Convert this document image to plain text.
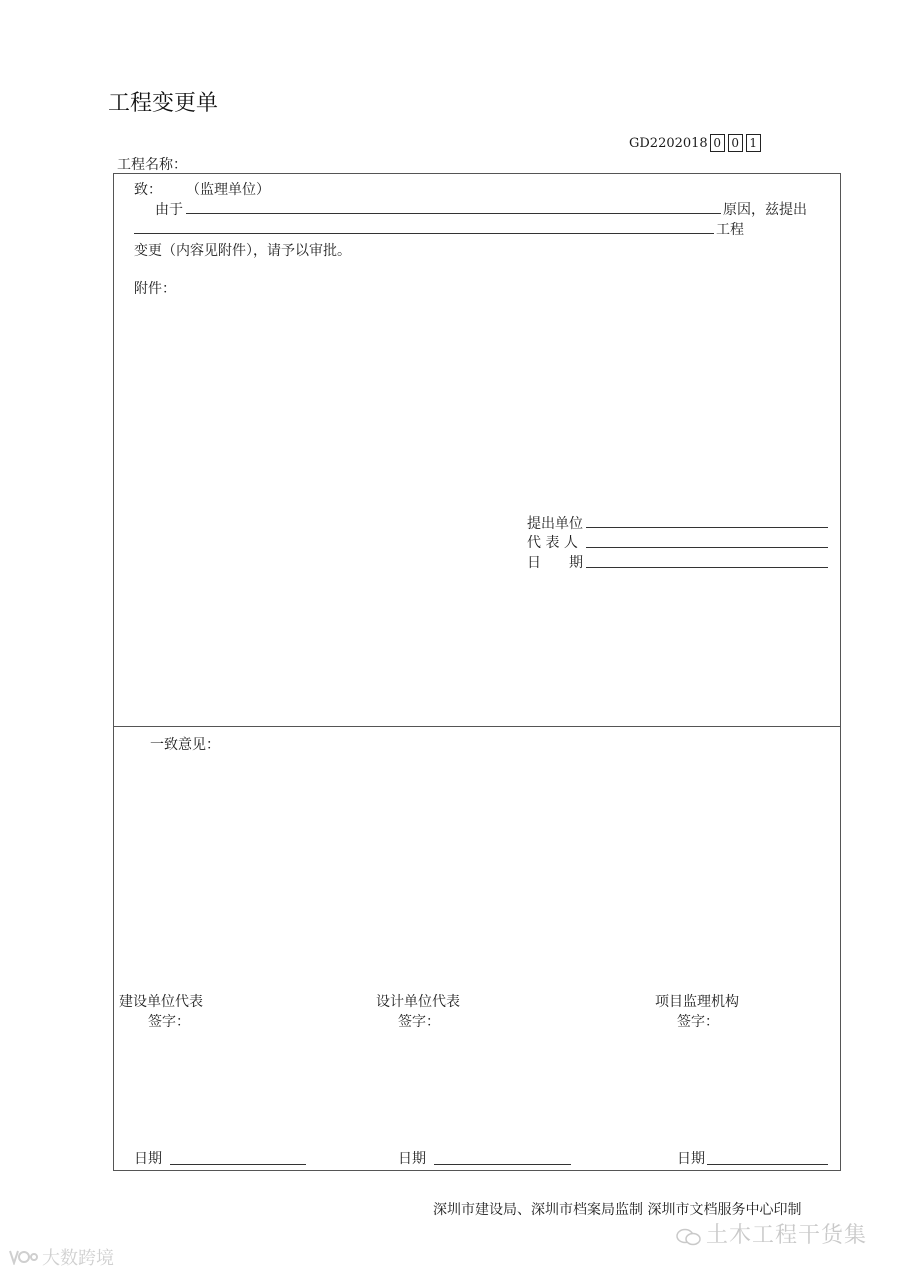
工程变更单
GD2202018 0 0 1
工程名称：
致： （监理单位）
由于	原因，兹提出
工程
变更（内容见附件），请予以审批。
附件：
提出单位
代 表 人
日　　期
一致意见：
建设单位代表
签字：
日期
设计单位代表
签字：
日期
项目监理机构
签字：
日期
深圳市建设局、深圳市档案局监制 深圳市文档服务中心印制
土木工程干货集
大数跨境
